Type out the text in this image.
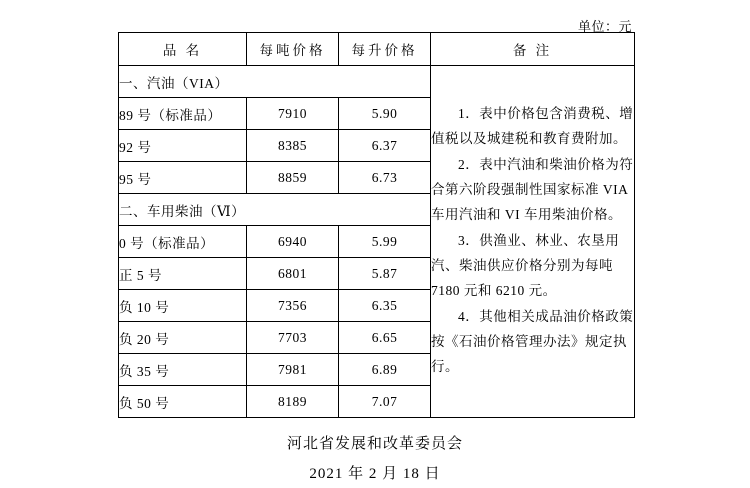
单位：元
品 名	每吨价格	每升价格	备 注
一、汽油（VIA）			1．表中价格包含消费税、增值税以及城建税和教育费附加。

2．表中汽油和柴油价格为符合第六阶段强制性国家标准 VIA 车用汽油和 VI 车用柴油价格。

3．供渔业、林业、农垦用汽、柴油供应价格分别为每吨 7180 元和 6210 元。

4．其他相关成品油价格政策按《石油价格管理办法》规定执行。

89 号（标准品）	7910	5.90	
92 号	8385	6.37	
95 号	8859	6.73	
二、车用柴油（Ⅵ）			
0 号（标准品）	6940	5.99	
正 5 号	6801	5.87	
负 10 号	7356	6.35	
负 20 号	7703	6.65	
负 35 号	7981	6.89	
负 50 号	8189	7.07	
河北省发展和改革委员会
2021 年 2 月 18 日
